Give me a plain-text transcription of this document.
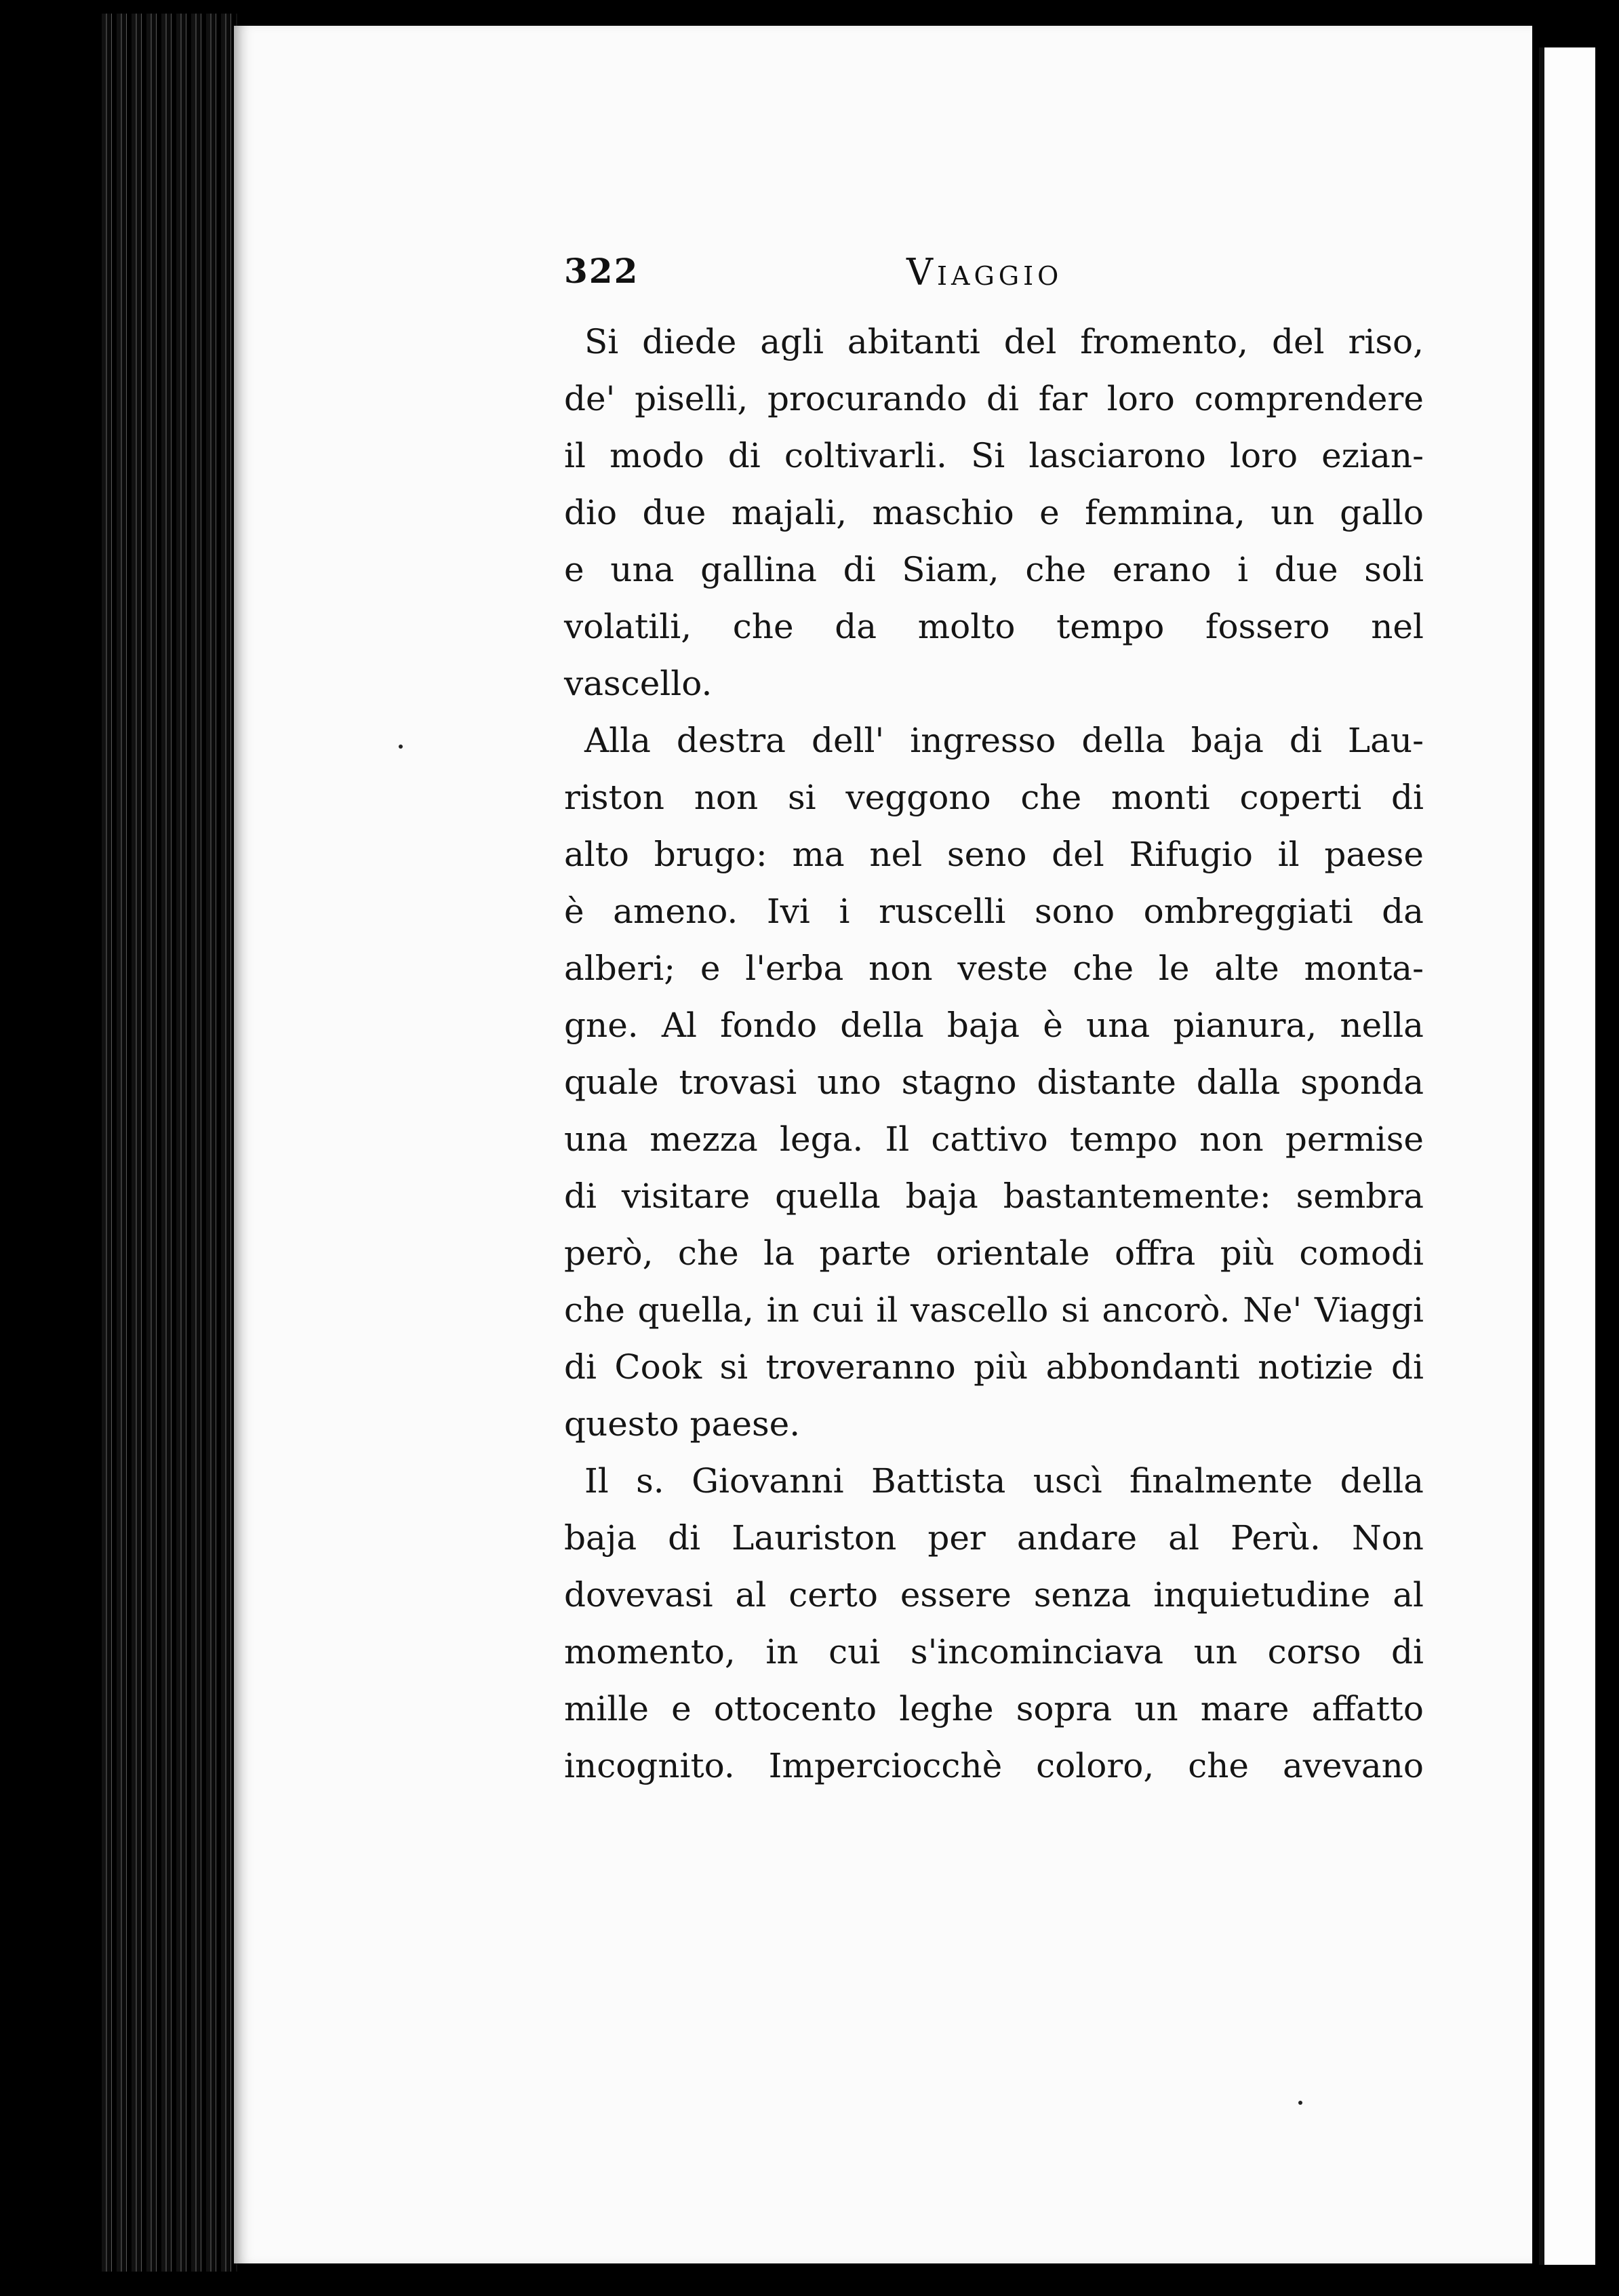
322	Viaggio
Si diede agli abitanti del fromento, del riso,
de' piselli, procurando di far loro comprendere
il modo di coltivarli. Si lasciarono loro ezian-
dio due majali, maschio e femmina, un gallo
e una gallina di Siam, che erano i due soli
volatili, che da molto tempo fossero nel
vascello.
Alla destra dell' ingresso della baja di Lau-
riston non si veggono che monti coperti di
alto brugo: ma nel seno del Rifugio il paese
è ameno. Ivi i ruscelli sono ombreggiati da
alberi; e l'erba non veste che le alte monta-
gne. Al fondo della baja è una pianura, nella
quale trovasi uno stagno distante dalla sponda
una mezza lega. Il cattivo tempo non permise
di visitare quella baja bastantemente: sembra
però, che la parte orientale offra più comodi
che quella, in cui il vascello si ancorò. Ne' Viaggi
di Cook si troveranno più abbondanti notizie di
questo paese.
Il s. Giovanni Battista uscì finalmente della
baja di Lauriston per andare al Perù. Non
dovevasi al certo essere senza inquietudine al
momento, in cui s'incominciava un corso di
mille e ottocento leghe sopra un mare affatto
incognito. Imperciocchè coloro, che avevano
